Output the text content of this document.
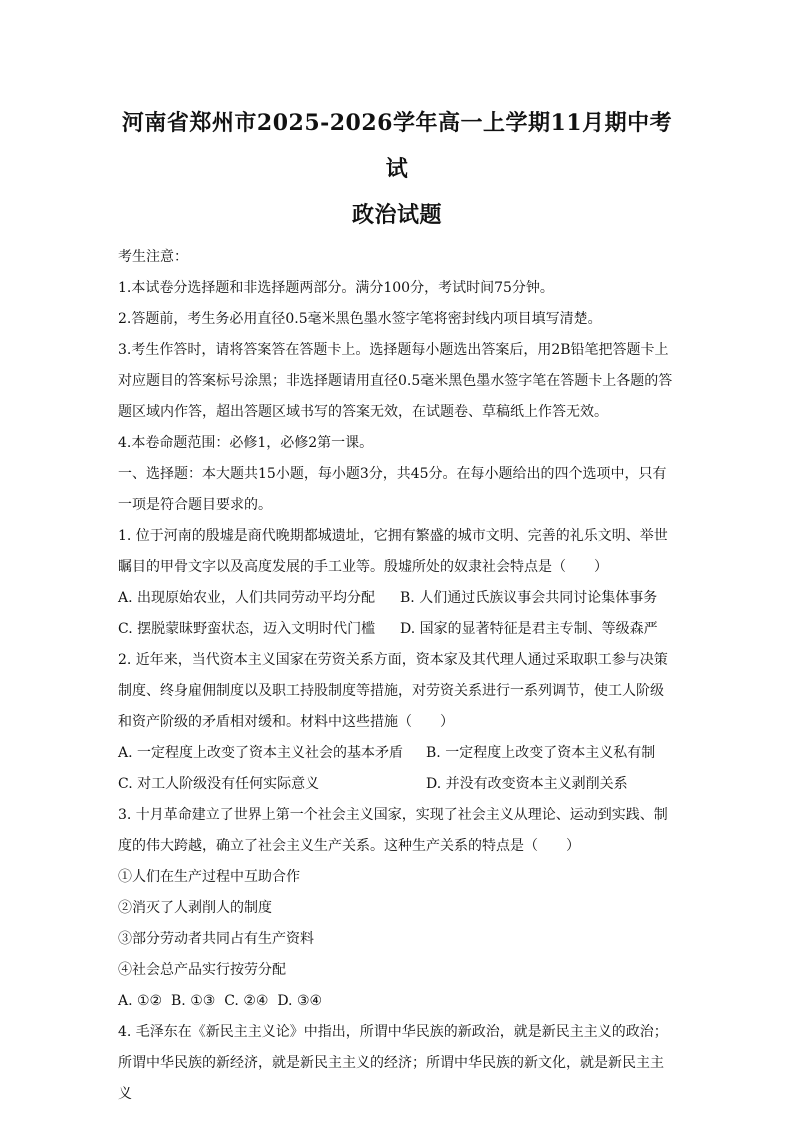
河南省郑州市2025-2026学年高一上学期11月期中考试
政治试题

考生注意：

1.本试卷分选择题和非选择题两部分。满分100分，考试时间75分钟。

2.答题前，考生务必用直径0.5毫米黑色墨水签字笔将密封线内项目填写清楚。

3.考生作答时，请将答案答在答题卡上。选择题每小题选出答案后，用2B铅笔把答题卡上对应题目的答案标号涂黑；非选择题请用直径0.5毫米黑色墨水签字笔在答题卡上各题的答题区域内作答，超出答题区域书写的答案无效，在试题卷、草稿纸上作答无效。

4.本卷命题范围：必修1，必修2第一课。

一、选择题：本大题共15小题，每小题3分，共45分。在每小题给出的四个选项中，只有一项是符合题目要求的。

1. 位于河南的殷墟是商代晚期都城遗址，它拥有繁盛的城市文明、完善的礼乐文明、举世瞩目的甲骨文字以及高度发展的手工业等。殷墟所处的奴隶社会特点是（　　）

A. 出现原始农业，人们共同劳动平均分配	B. 人们通过氏族议事会共同讨论集体事务
C. 摆脱蒙昧野蛮状态，迈入文明时代门槛	D. 国家的显著特征是君主专制、等级森严

2. 近年来，当代资本主义国家在劳资关系方面，资本家及其代理人通过采取职工参与决策制度、终身雇佣制度以及职工持股制度等措施，对劳资关系进行一系列调节，使工人阶级和资产阶级的矛盾相对缓和。材料中这些措施（　　）

A. 一定程度上改变了资本主义社会的基本矛盾	B. 一定程度上改变了资本主义私有制
C. 对工人阶级没有任何实际意义	D. 并没有改变资本主义剥削关系

3. 十月革命建立了世界上第一个社会主义国家，实现了社会主义从理论、运动到实践、制度的伟大跨越，确立了社会主义生产关系。这种生产关系的特点是（　　）

①人们在生产过程中互助合作

②消灭了人剥削人的制度

③部分劳动者共同占有生产资料

④社会总产品实行按劳分配

A. ①②  B. ①③  C. ②④  D. ③④

4. 毛泽东在《新民主主义论》中指出，所谓中华民族的新政治，就是新民主主义的政治；所谓中华民族的新经济，就是新民主主义的经济；所谓中华民族的新文化，就是新民主主义
